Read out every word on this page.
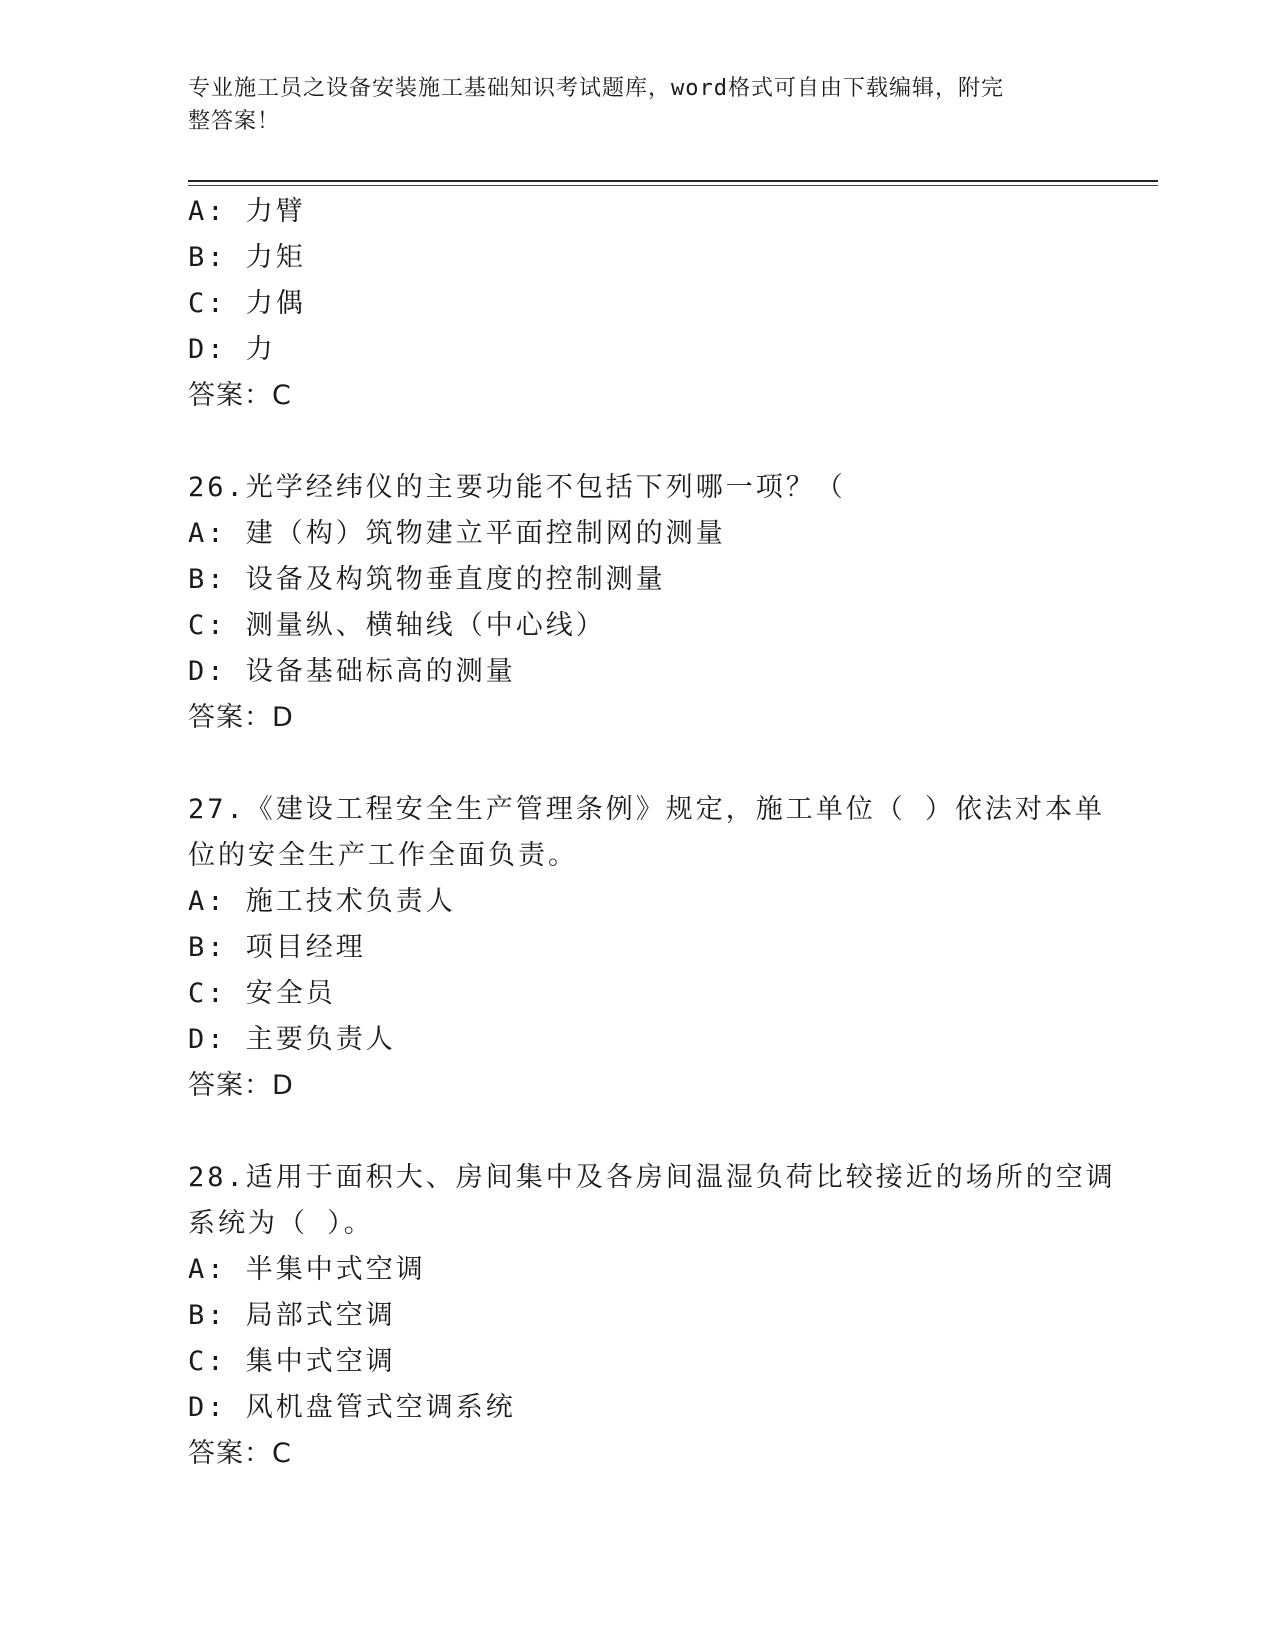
专业施工员之设备安装施工基础知识考试题库，word格式可自由下载编辑，附完
整答案！
A: 力臂
B: 力矩
C: 力偶
D: 力
答案：C
26.光学经纬仪的主要功能不包括下列哪一项？（
A: 建（构）筑物建立平面控制网的测量
B: 设备及构筑物垂直度的控制测量
C: 测量纵、横轴线（中心线）
D: 设备基础标高的测量
答案：D
27.《建设工程安全生产管理条例》规定，施工单位（ ）依法对本单
位的安全生产工作全面负责。
A: 施工技术负责人
B: 项目经理
C: 安全员
D: 主要负责人
答案：D
28.适用于面积大、房间集中及各房间温湿负荷比较接近的场所的空调
系统为（ ）。
A: 半集中式空调
B: 局部式空调
C: 集中式空调
D: 风机盘管式空调系统
答案：C
